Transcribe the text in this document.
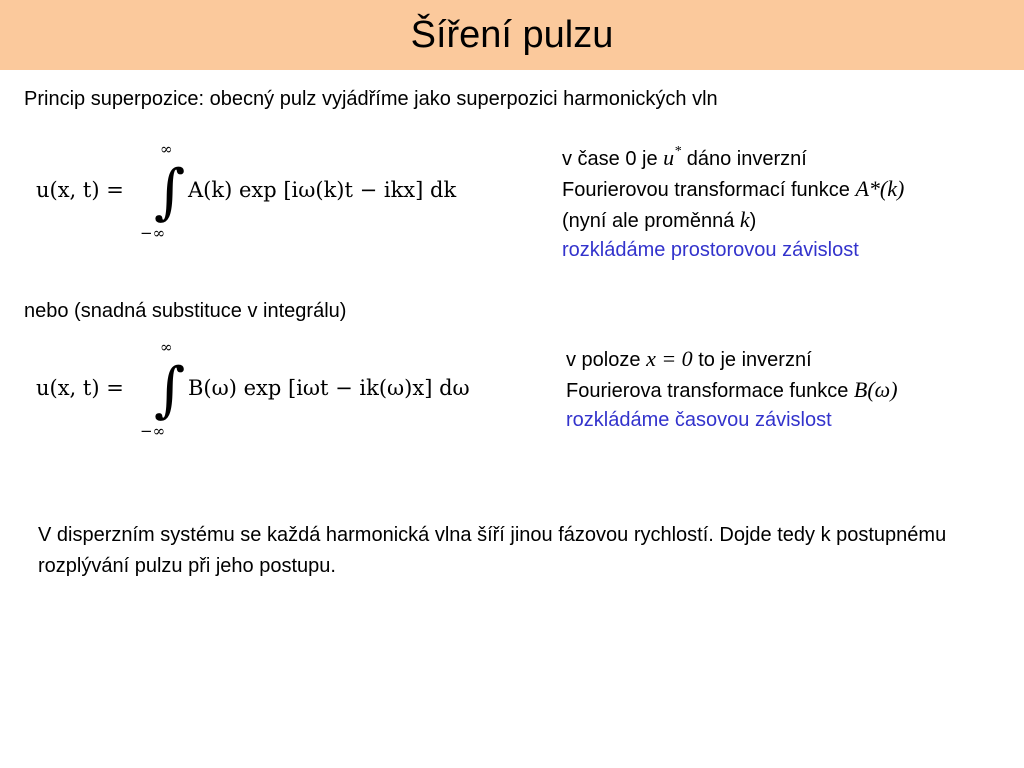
Šíření pulzu
Princip superpozice: obecný pulz vyjádříme jako superpozici harmonických vln
∞
u(x, t) = ∫ A(k) exp [iω(k)t − ikx] dk
−∞
v čase 0 je u* dáno inverzní
Fourierovou transformací funkce A*(k)
(nyní ale proměnná k)
rozkládáme prostorovou závislost
nebo (snadná substituce v integrálu)
∞
u(x, t) = ∫ B(ω) exp [iωt − ik(ω)x] dω
−∞
v poloze x = 0 to je inverzní
Fourierova transformace funkce B(ω)
rozkládáme časovou závislost
V disperzním systému se každá harmonická vlna šíří jinou fázovou rychlostí. Dojde tedy k postupnému rozplývání pulzu při jeho postupu.
